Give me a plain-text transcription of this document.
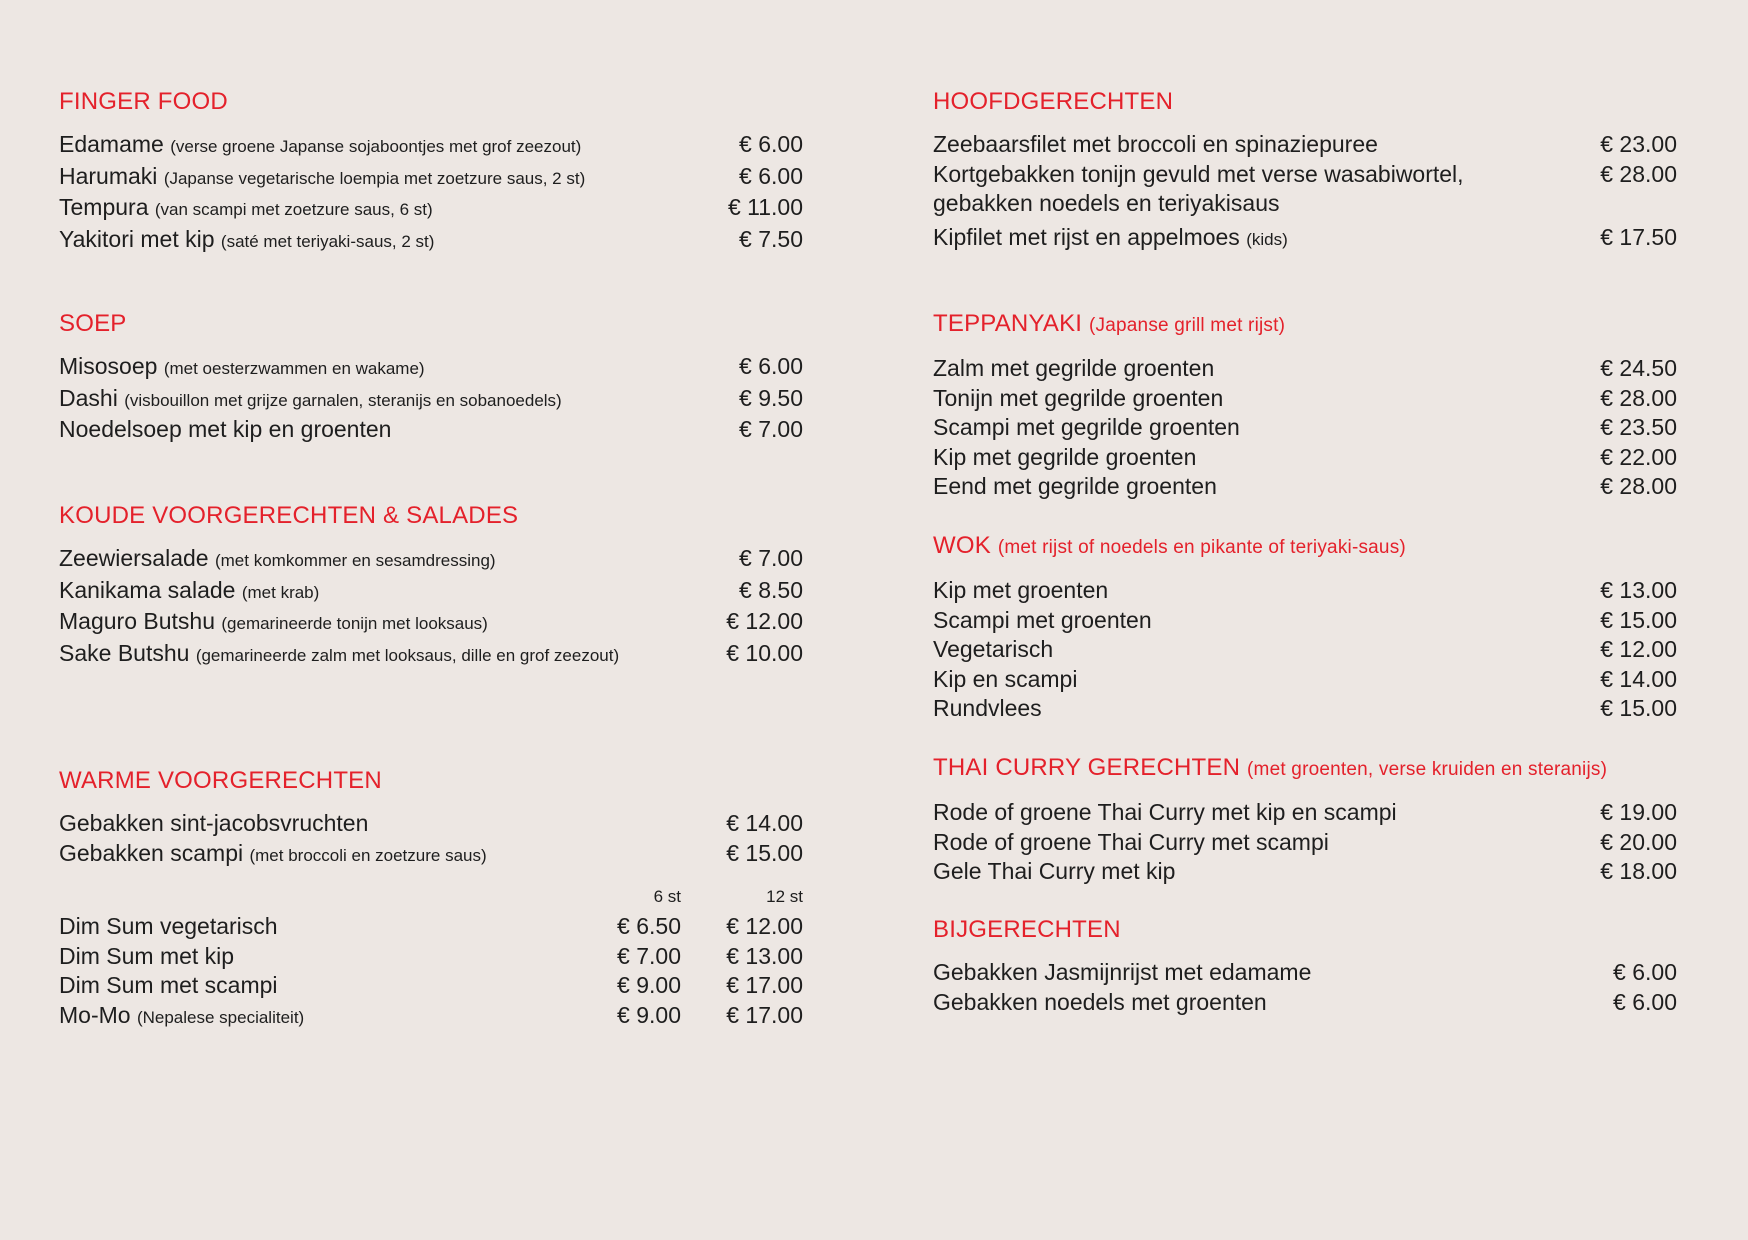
FINGER FOOD
Edamame (verse groene Japanse sojaboontjes met grof zeezout)	€ 6.00
Harumaki (Japanse vegetarische loempia met zoetzure saus, 2 st)	€ 6.00
Tempura (van scampi met zoetzure saus, 6 st)	€ 11.00
Yakitori met kip (saté met teriyaki-saus, 2 st)	€ 7.50
SOEP
Misosoep (met oesterzwammen en wakame)	€ 6.00
Dashi (visbouillon met grijze garnalen, steranijs en sobanoedels)	€ 9.50
Noedelsoep met kip en groenten	€ 7.00
KOUDE VOORGERECHTEN & SALADES
Zeewiersalade (met komkommer en sesamdressing)	€ 7.00
Kanikama salade (met krab)	€ 8.50
Maguro Butshu (gemarineerde tonijn met looksaus)	€ 12.00
Sake Butshu (gemarineerde zalm met looksaus, dille en grof zeezout)	€ 10.00
WARME VOORGERECHTEN
Gebakken sint-jacobsvruchten	€ 14.00
Gebakken scampi (met broccoli en zoetzure saus)	€ 15.00
6 st	12 st
Dim Sum vegetarisch	€ 6.50	€ 12.00
Dim Sum met kip	€ 7.00	€ 13.00
Dim Sum met scampi	€ 9.00	€ 17.00
Mo-Mo (Nepalese specialiteit)	€ 9.00	€ 17.00
HOOFDGERECHTEN
Zeebaarsfilet met broccoli en spinaziepuree	€ 23.00
Kortgebakken tonijn gevuld met verse wasabiwortel, gebakken noedels en teriyakisaus
€ 28.00
Kipfilet met rijst en appelmoes (kids)	€ 17.50
TEPPANYAKI (Japanse grill met rijst)
Zalm met gegrilde groenten	€ 24.50
Tonijn met gegrilde groenten	€ 28.00
Scampi met gegrilde groenten	€ 23.50
Kip met gegrilde groenten	€ 22.00
Eend met gegrilde groenten	€ 28.00
WOK (met rijst of noedels en pikante of teriyaki-saus)
Kip met groenten	€ 13.00
Scampi met groenten	€ 15.00
Vegetarisch	€ 12.00
Kip en scampi	€ 14.00
Rundvlees	€ 15.00
THAI CURRY GERECHTEN (met groenten, verse kruiden en steranijs)
Rode of groene Thai Curry met kip en scampi	€ 19.00
Rode of groene Thai Curry met scampi	€ 20.00
Gele Thai Curry met kip	€ 18.00
BIJGERECHTEN
Gebakken Jasmijnrijst met edamame	€ 6.00
Gebakken noedels met groenten	€ 6.00
